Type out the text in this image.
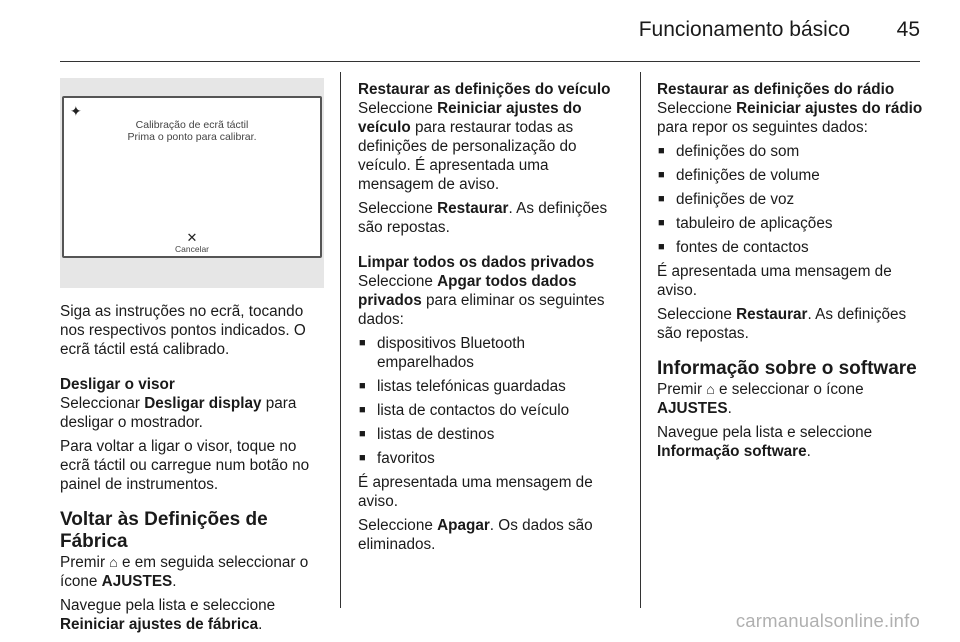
Funcionamento básico 45
✦
Calibração de ecrã táctil
Prima o ponto para calibrar.
✕
Cancelar

Siga as instruções no ecrã, tocando nos respectivos pontos indicados. O ecrã táctil está calibrado.

Desligar o visor

Seleccionar Desligar display para desligar o mostrador.

Para voltar a ligar o visor, toque no ecrã táctil ou carregue num botão no painel de instrumentos.

Voltar às Definições de Fábrica

Premir ⌂ e em seguida seleccionar o ícone AJUSTES.

Navegue pela lista e seleccione Reiniciar ajustes de fábrica.

Restaurar as definições do veículo

Seleccione Reiniciar ajustes do veículo para restaurar todas as definições de personalização do veículo. É apresentada uma mensagem de aviso.

Seleccione Restaurar. As definições são repostas.

Limpar todos os dados privados

Seleccione Apgar todos dados privados para eliminar os seguintes dados:

■ dispositivos Bluetooth emparelhados
■ listas telefónicas guardadas
■ lista de contactos do veículo
■ listas de destinos
■ favoritos

É apresentada uma mensagem de aviso.

Seleccione Apagar. Os dados são eliminados.

Restaurar as definições do rádio

Seleccione Reiniciar ajustes do rádio para repor os seguintes dados:

■ definições do som
■ definições de volume
■ definições de voz
■ tabuleiro de aplicações
■ fontes de contactos

É apresentada uma mensagem de aviso.

Seleccione Restaurar. As definições são repostas.

Informação sobre o software

Premir ⌂ e seleccionar o ícone AJUSTES.

Navegue pela lista e seleccione Informação software.

carmanualsonline.info
